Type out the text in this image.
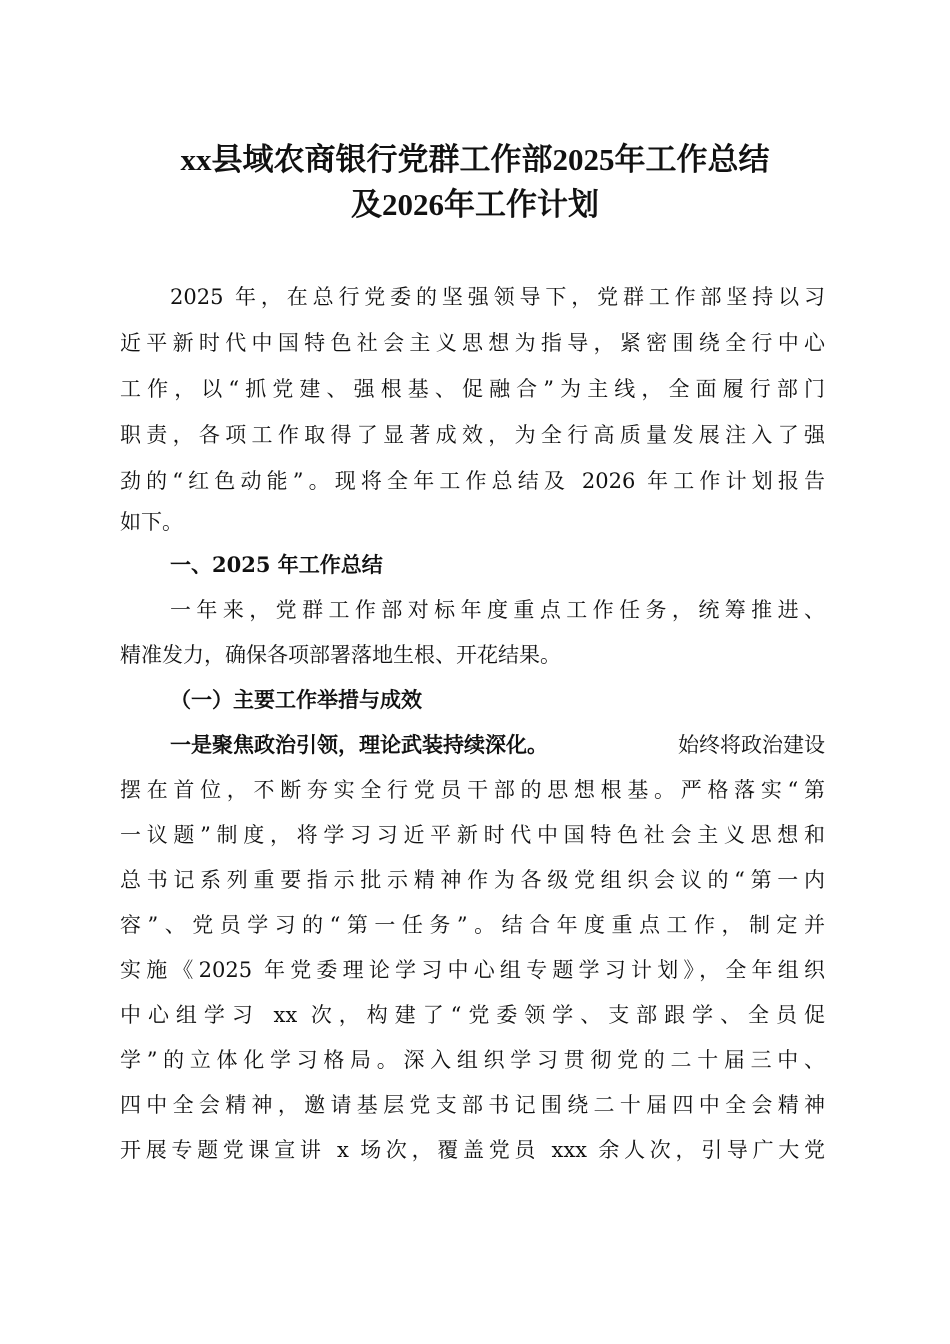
xx县域农商银行党群工作部2025年工作总结
及2026年工作计划
2025 年，在总行党委的坚强领导下，党群工作部坚持以习
近平新时代中国特色社会主义思想为指导，紧密围绕全行中心
工作，以“抓党建、强根基、促融合”为主线，全面履行部门
职责，各项工作取得了显著成效，为全行高质量发展注入了强
劲的“红色动能”。现将全年工作总结及 2026 年工作计划报告
如下。
一、2025 年工作总结
一年来，党群工作部对标年度重点工作任务，统筹推进、
精准发力，确保各项部署落地生根、开花结果。
（一）主要工作举措与成效
一是聚焦政治引领，理论武装持续深化。	始终将政治建设
摆在首位，不断夯实全行党员干部的思想根基。严格落实“第
一议题”制度，将学习习近平新时代中国特色社会主义思想和
总书记系列重要指示批示精神作为各级党组织会议的“第一内
容”、党员学习的“第一任务”。结合年度重点工作，制定并
实施《2025 年党委理论学习中心组专题学习计划》，全年组织
中心组学习 xx 次，构建了“党委领学、支部跟学、全员促
学”的立体化学习格局。深入组织学习贯彻党的二十届三中、
四中全会精神，邀请基层党支部书记围绕二十届四中全会精神
开展专题党课宣讲 x 场次，覆盖党员 xxx 余人次，引导广大党
